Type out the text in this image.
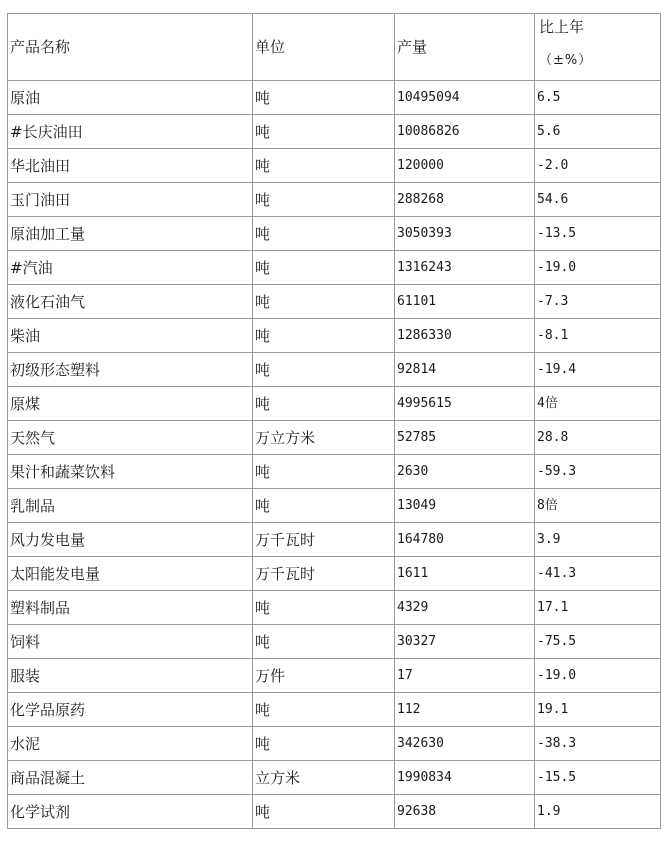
产品名称	单位	产量	比上年
（±%）

原油	吨	10495094	6.5
#长庆油田	吨	10086826	5.6
华北油田	吨	120000	-2.0
玉门油田	吨	288268	54.6
原油加工量	吨	3050393	-13.5
#汽油	吨	1316243	-19.0
液化石油气	吨	61101	-7.3
柴油	吨	1286330	-8.1
初级形态塑料	吨	92814	-19.4
原煤	吨	4995615	4倍
天然气	万立方米	52785	28.8
果汁和蔬菜饮料	吨	2630	-59.3
乳制品	吨	13049	8倍
风力发电量	万千瓦时	164780	3.9
太阳能发电量	万千瓦时	1611	-41.3
塑料制品	吨	4329	17.1
饲料	吨	30327	-75.5
服装	万件	17	-19.0
化学品原药	吨	112	19.1
水泥	吨	342630	-38.3
商品混凝土	立方米	1990834	-15.5
化学试剂	吨	92638	1.9
